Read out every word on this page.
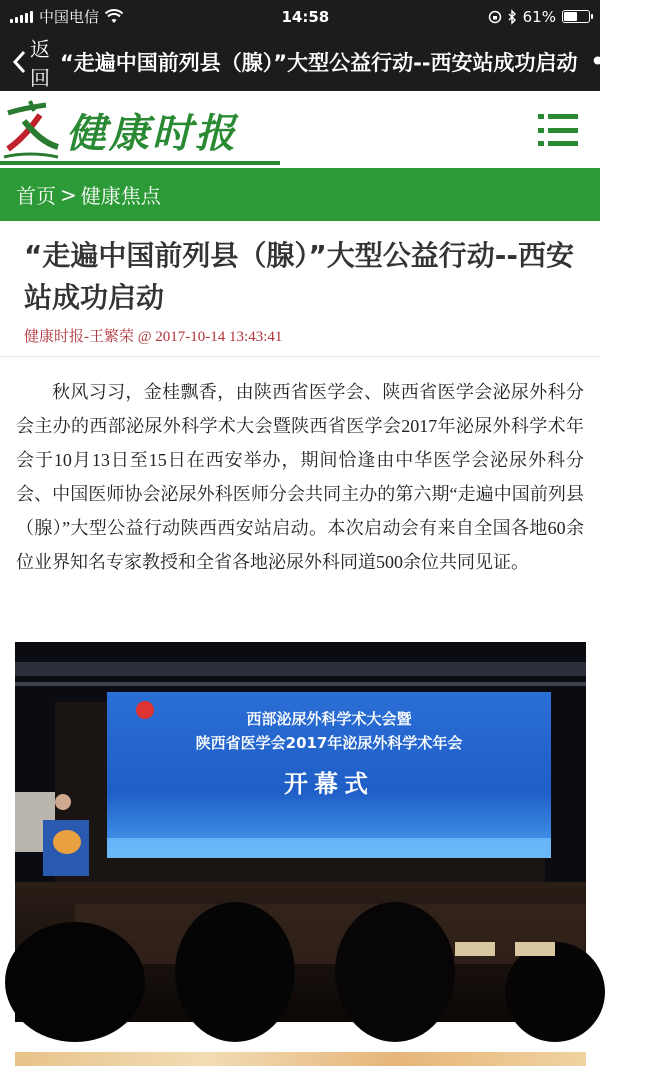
中国电信	14:58	61%
返回
“走遍中国前列县（腺）”大型公益行动--西安站成功启动 •••
健康时报
首页 > 健康焦点
“走遍中国前列县（腺）”大型公益行动--西安站成功启动
健康时报-王繁荣 @ 2017-10-14 13:43:41

秋风习习，金桂飘香，由陕西省医学会、陕西省医学会泌尿外科分会主办的西部泌尿外科学术大会暨陕西省医学会2017年泌尿外科学术年会于10月13日至15日在西安举办，期间恰逢由中华医学会泌尿外科分会、中国医师协会泌尿外科医师分会共同主办的第六期“走遍中国前列县（腺）”大型公益行动陕西西安站启动。本次启动会有来自全国各地60余位业界知名专家教授和全省各地泌尿外科同道500余位共同见证。

西部泌尿外科学术大会暨
陕西省医学会2017年泌尿外科学术年会
开幕式
